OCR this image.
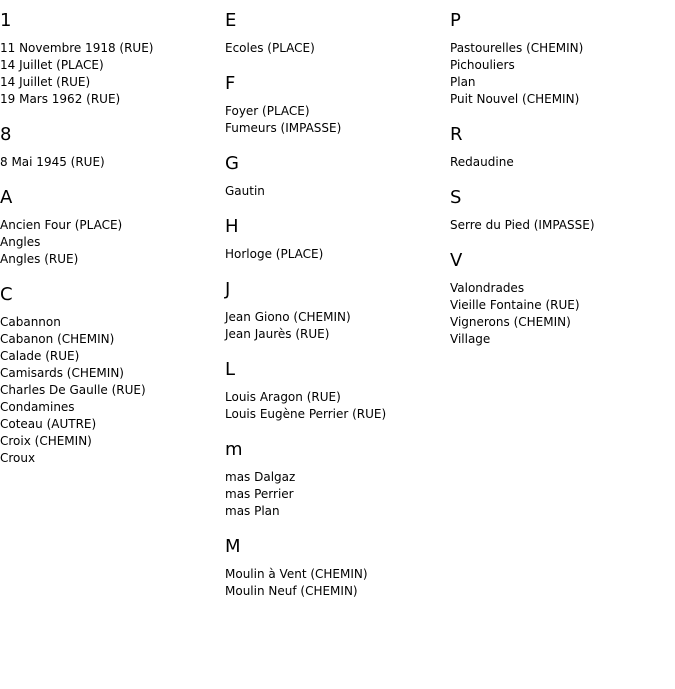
1
11 Novembre 1918 (RUE)
14 Juillet (PLACE)
14 Juillet (RUE)
19 Mars 1962 (RUE)
8
8 Mai 1945 (RUE)
A
Ancien Four (PLACE)
Angles
Angles (RUE)
C
Cabannon
Cabanon (CHEMIN)
Calade (RUE)
Camisards (CHEMIN)
Charles De Gaulle (RUE)
Condamines
Coteau (AUTRE)
Croix (CHEMIN)
Croux
E
Ecoles (PLACE)
F
Foyer (PLACE)
Fumeurs (IMPASSE)
G
Gautin
H
Horloge (PLACE)
J
Jean Giono (CHEMIN)
Jean Jaurès (RUE)
L
Louis Aragon (RUE)
Louis Eugène Perrier (RUE)
m
mas Dalgaz
mas Perrier
mas Plan
M
Moulin à Vent (CHEMIN)
Moulin Neuf (CHEMIN)
P
Pastourelles (CHEMIN)
Pichouliers
Plan
Puit Nouvel (CHEMIN)
R
Redaudine
S
Serre du Pied (IMPASSE)
V
Valondrades
Vieille Fontaine (RUE)
Vignerons (CHEMIN)
Village
